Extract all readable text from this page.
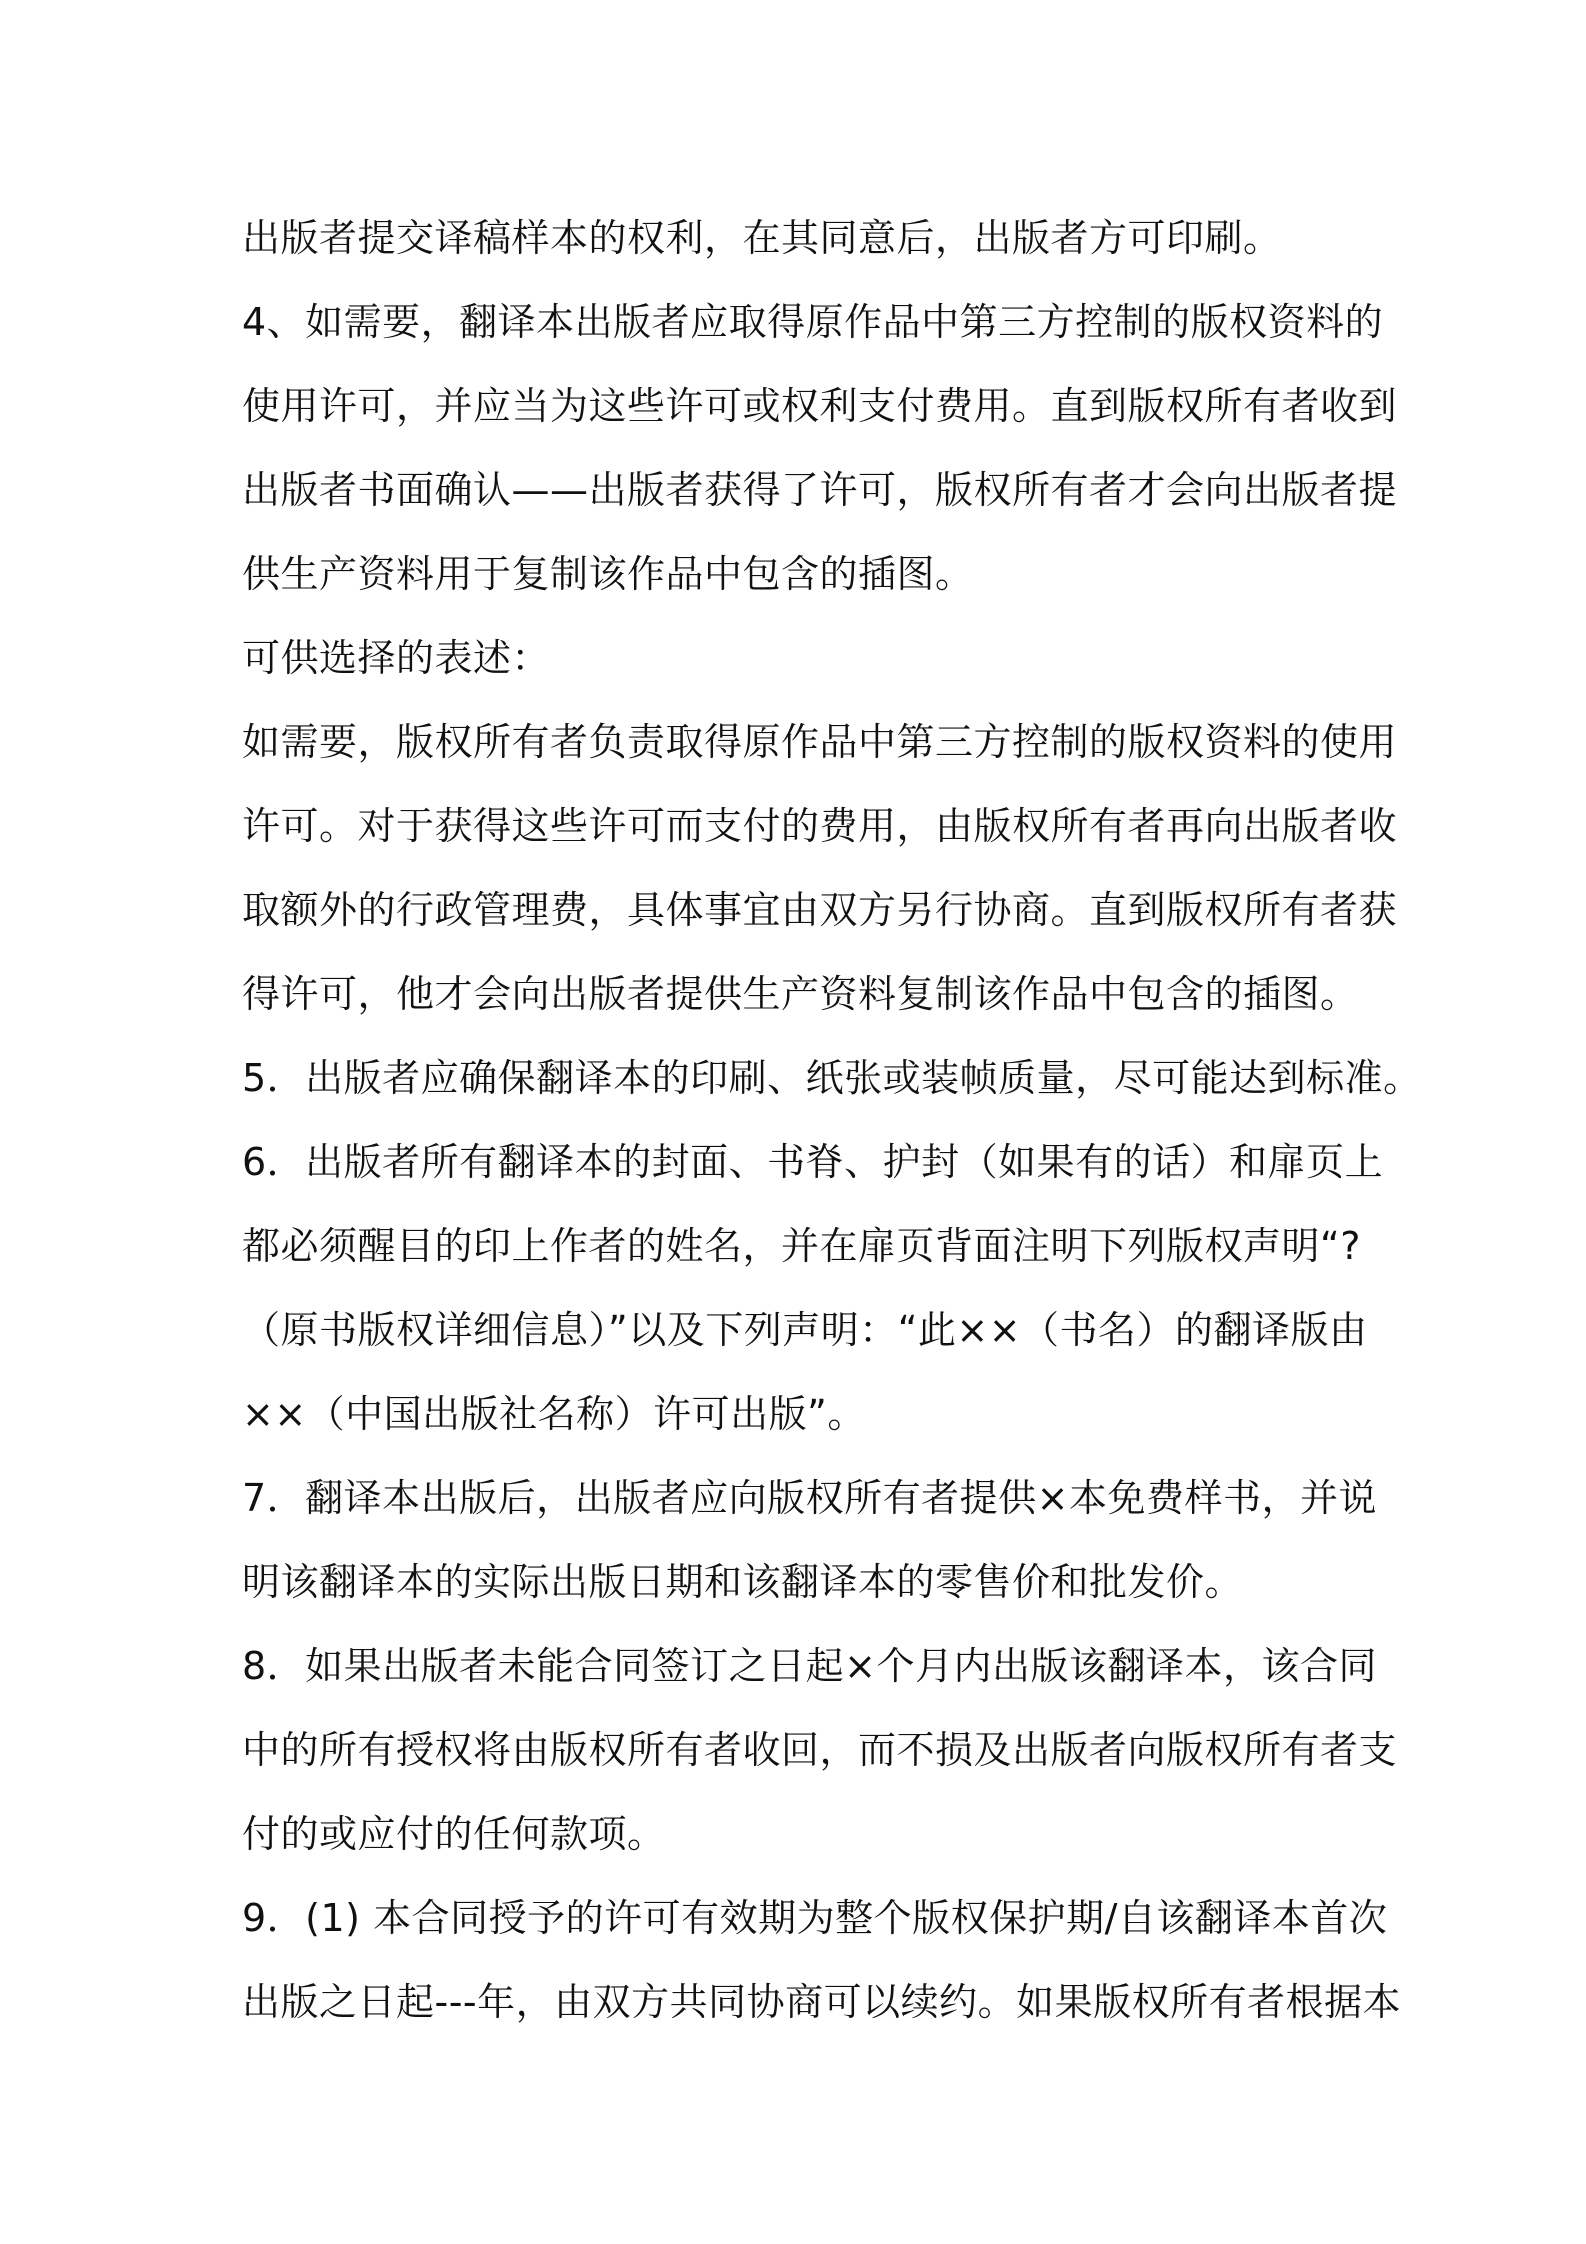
出版者提交译稿样本的权利，在其同意后，出版者方可印刷。
4、如需要，翻译本出版者应取得原作品中第三方控制的版权资料的
使用许可，并应当为这些许可或权利支付费用。直到版权所有者收到
出版者书面确认——出版者获得了许可，版权所有者才会向出版者提
供生产资料用于复制该作品中包含的插图。
可供选择的表述：
如需要，版权所有者负责取得原作品中第三方控制的版权资料的使用
许可。对于获得这些许可而支付的费用，由版权所有者再向出版者收
取额外的行政管理费，具体事宜由双方另行协商。直到版权所有者获
得许可，他才会向出版者提供生产资料复制该作品中包含的插图。
5．出版者应确保翻译本的印刷、纸张或装帧质量，尽可能达到标准。
6．出版者所有翻译本的封面、书脊、护封（如果有的话）和扉页上
都必须醒目的印上作者的姓名，并在扉页背面注明下列版权声明“?
（原书版权详细信息）”以及下列声明：“此××（书名）的翻译版由
××（中国出版社名称）许可出版”。
7．翻译本出版后，出版者应向版权所有者提供×本免费样书，并说
明该翻译本的实际出版日期和该翻译本的零售价和批发价。
8．如果出版者未能合同签订之日起×个月内出版该翻译本，该合同
中的所有授权将由版权所有者收回，而不损及出版者向版权所有者支
付的或应付的任何款项。
9．(1) 本合同授予的许可有效期为整个版权保护期/自该翻译本首次
出版之日起---年，由双方共同协商可以续约。如果版权所有者根据本
